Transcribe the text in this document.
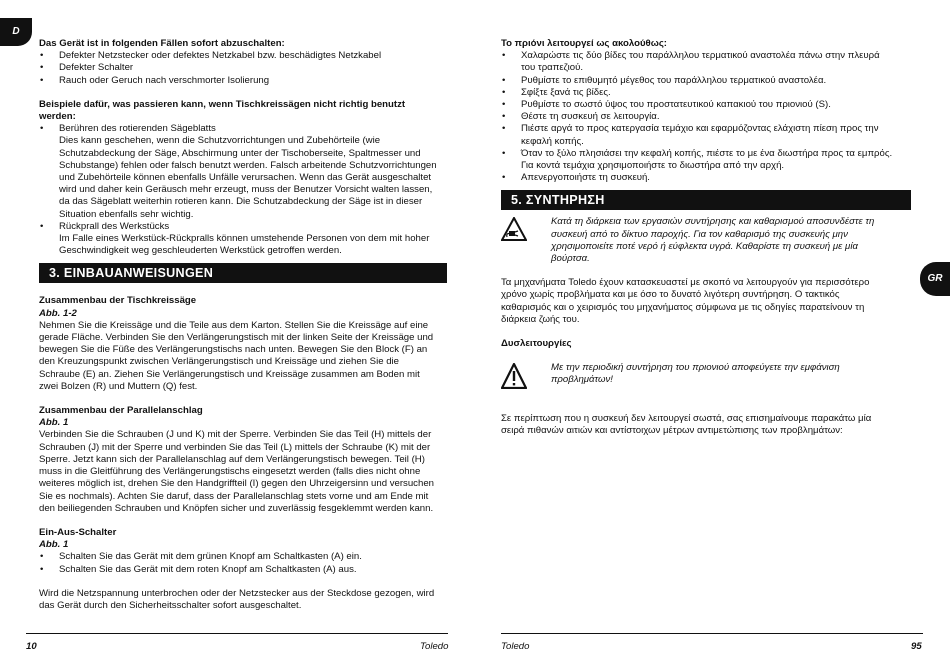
D

Das Gerät ist in folgenden Fällen sofort abzuschalten:

• Defekter Netzstecker oder defektes Netzkabel bzw. beschädigtes Netzkabel
• Defekter Schalter
• Rauch oder Geruch nach verschmorter Isolierung

Beispiele dafür, was passieren kann, wenn Tischkreissägen nicht richtig benutzt
werden:

• Berühren des rotierenden Sägeblatts
Dies kann geschehen, wenn die Schutzvorrichtungen und Zubehörteile (wie
Schutzabdeckung der Säge, Abschirmung unter der Tischoberseite, Spaltmesser und
Schubstange) fehlen oder falsch benutzt werden. Falsch arbeitende Schutzvorrichtungen
und Zubehörteile können ebenfalls Unfälle verursachen. Wenn das Gerät ausgeschaltet
wird und daher kein Geräusch mehr erzeugt, muss der Benutzer Vorsicht walten lassen,
da das Sägeblatt weiterhin rotieren kann. Die Schutzabdeckung der Säge ist in dieser
Situation ebenfalls sehr wichtig.
• Rückprall des Werkstücks
Im Falle eines Werkstück-Rückpralls können umstehende Personen von dem mit hoher
Geschwindigkeit weg geschleuderten Werkstück getroffen werden.
3. EINBAUANWEISUNGEN

Zusammenbau der Tischkreissäge

Abb. 1-2

Nehmen Sie die Kreissäge und die Teile aus dem Karton. Stellen Sie die Kreissäge auf eine
gerade Fläche. Verbinden Sie den Verlängerungstisch mit der linken Seite der Kreissäge und
bewegen Sie die Füße des Verlängerungstischs nach unten. Bewegen Sie den Block (F) an
den Kreuzungspunkt zwischen Verlängerungstisch und Kreissäge und ziehen Sie die
Schraube (E) an. Ziehen Sie Verlängerungstisch und Kreissäge zusammen am Boden mit
zwei Bolzen (R) und Muttern (Q) fest.

Zusammenbau der Parallelanschlag

Abb. 1

Verbinden Sie die Schrauben (J und K) mit der Sperre. Verbinden Sie das Teil (H) mittels der
Schrauben (J) mit der Sperre und verbinden Sie das Teil (L) mittels der Schraube (K) mit der
Sperre. Jetzt kann sich der Parallelanschlag auf dem Verlängerungstisch bewegen. Teil (H)
muss in die Gleitführung des Verlängerungstischs eingesetzt werden (falls dies nicht ohne
weiteres möglich ist, drehen Sie den Handgriffteil (I) gegen den Uhrzeigersinn und versuchen
Sie es nochmals). Achten Sie daruf, dass der Parallelanschlag stets vorne und am Ende mit
den beiliegenden Schrauben und Knöpfen sicher und zuverlässig fesgeklemmt werden kann.

Ein-Aus-Schalter

Abb. 1

• Schalten Sie das Gerät mit dem grünen Knopf am Schaltkasten (A) ein.
• Schalten Sie das Gerät mit dem roten Knopf am Schaltkasten (A) aus.

Wird die Netzspannung unterbrochen oder der Netzstecker aus der Steckdose gezogen, wird
das Gerät durch den Sicherheitsschalter sofort ausgeschaltet.

10	Toledo
GR

Το πριόνι λειτουργεί ως ακολούθως:

• Χαλαρώστε τις δύο βίδες του παράλληλου τερματικού αναστολέα πάνω στην πλευρά
του τραπεζιού.
• Ρυθμίστε το επιθυμητό μέγεθος του παράλληλου τερματικού αναστολέα.
• Σφίξτε ξανά τις βίδες.
• Ρυθμίστε το σωστό ύψος του προστατευτικού καπακιού του πριονιού (S).
• Θέστε τη συσκευή σε λειτουργία.
• Πιέστε αργά το προς κατεργασία τεμάχιο και εφαρμόζοντας ελάχιστη πίεση προς την
κεφαλή κοπής.
• Όταν το ξύλο πλησιάσει την κεφαλή κοπής, πιέστε το με ένα διωστήρα προς τα εμπρός.
Για κοντά τεμάχια χρησιμοποιήστε το διωστήρα από την αρχή.
• Απενεργοποιήστε τη συσκευή.
5. ΣΥΝΤΗΡΗΣΗ
Κατά τη διάρκεια των εργασιών συντήρησης και καθαρισμού αποσυνδέστε τη
συσκευή από το δίκτυο παροχής. Για τον καθαρισμό της συσκευής μην
χρησιμοποιείτε ποτέ νερό ή εύφλεκτα υγρά. Καθαρίστε τη συσκευή με μία
βούρτσα.

Τα μηχανήματα Toledo έχουν κατασκευαστεί με σκοπό να λειτουργούν για περισσότερο
χρόνο χωρίς προβλήματα και με όσο το δυνατό λιγότερη συντήρηση. Ο τακτικός
καθαρισμός και ο χειρισμός του μηχανήματος σύμφωνα με τις οδηγίες παρατείνουν τη
διάρκεια ζωής του.

Δυσλειτουργίες

Με την περιοδική συντήρηση του πριονιού αποφεύγετε την εμφάνιση
προβλημάτων!

Σε περίπτωση που η συσκευή δεν λειτουργεί σωστά, σας επισημαίνουμε παρακάτω μία
σειρά πιθανών αιτιών και αντίστοιχων μέτρων αντιμετώπισης των προβλημάτων:

Toledo	95
